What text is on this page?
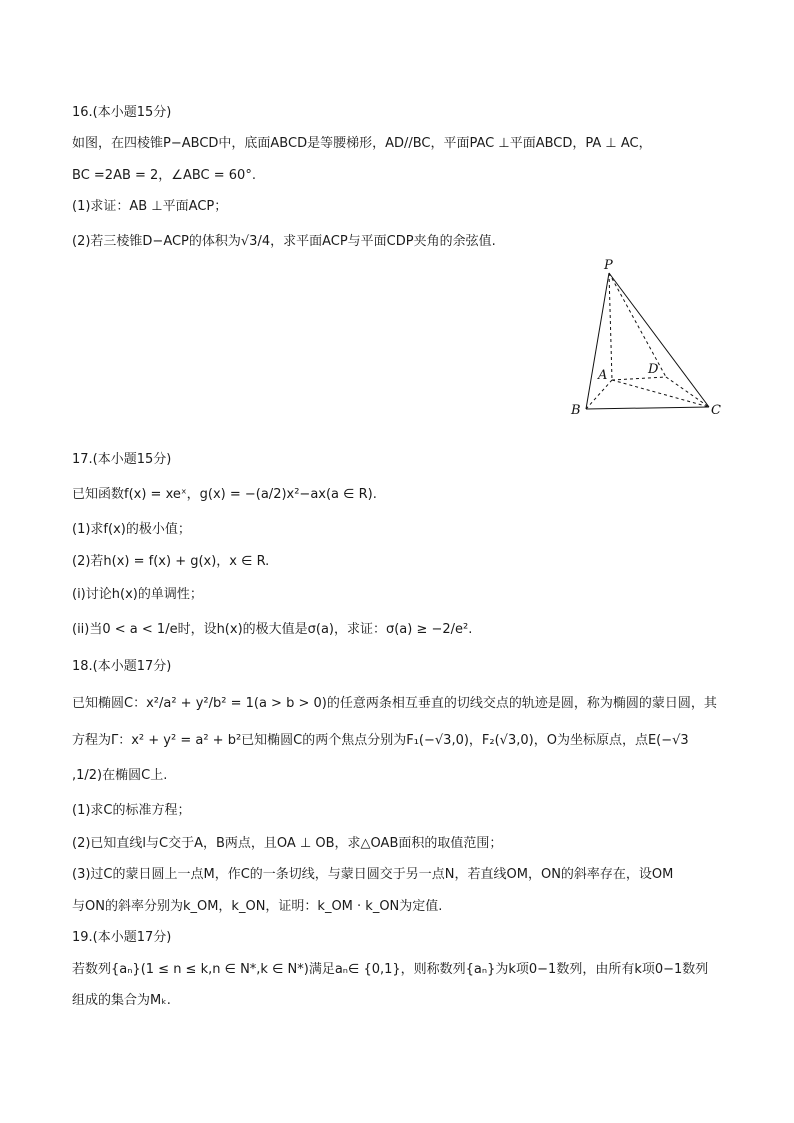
16.(本小题15分)
如图，在四棱锥P−ABCD中，底面ABCD是等腰梯形，AD//BC，平面PAC ⊥平面ABCD，PA ⊥ AC，
BC =2AB = 2，∠ABC = 60°.
(1)求证：AB ⊥平面ACP；
(2)若三棱锥D−ACP的体积为√3/4，求平面ACP与平面CDP夹角的余弦值.
P
A	D
B	C
17.(本小题15分)
已知函数f(x) = xeˣ，g(x) = −(a/2)x²−ax(a ∈ R).
(1)求f(x)的极小值；
(2)若h(x) = f(x) + g(x)，x ∈ R.
(i)讨论h(x)的单调性；
(ii)当0 < a < 1/e时，设h(x)的极大值是σ(a)，求证：σ(a) ≥ −2/e².
18.(本小题17分)
已知椭圆C：x²/a² + y²/b² = 1(a > b > 0)的任意两条相互垂直的切线交点的轨迹是圆，称为椭圆的蒙日圆，其
方程为Γ：x² + y² = a² + b²已知椭圆C的两个焦点分别为F₁(−√3,0)，F₂(√3,0)，O为坐标原点，点E(−√3
,1/2)在椭圆C上.
(1)求C的标准方程；
(2)已知直线l与C交于A，B两点，且OA ⊥ OB，求△OAB面积的取值范围；
(3)过C的蒙日圆上一点M，作C的一条切线，与蒙日圆交于另一点N，若直线OM，ON的斜率存在，设OM
与ON的斜率分别为k_OM，k_ON，证明：k_OM · k_ON为定值.
19.(本小题17分)
若数列{aₙ}(1 ≤ n ≤ k,n ∈ N*,k ∈ N*)满足aₙ∈ {0,1}，则称数列{aₙ}为k项0−1数列，由所有k项0−1数列
组成的集合为Mₖ.
